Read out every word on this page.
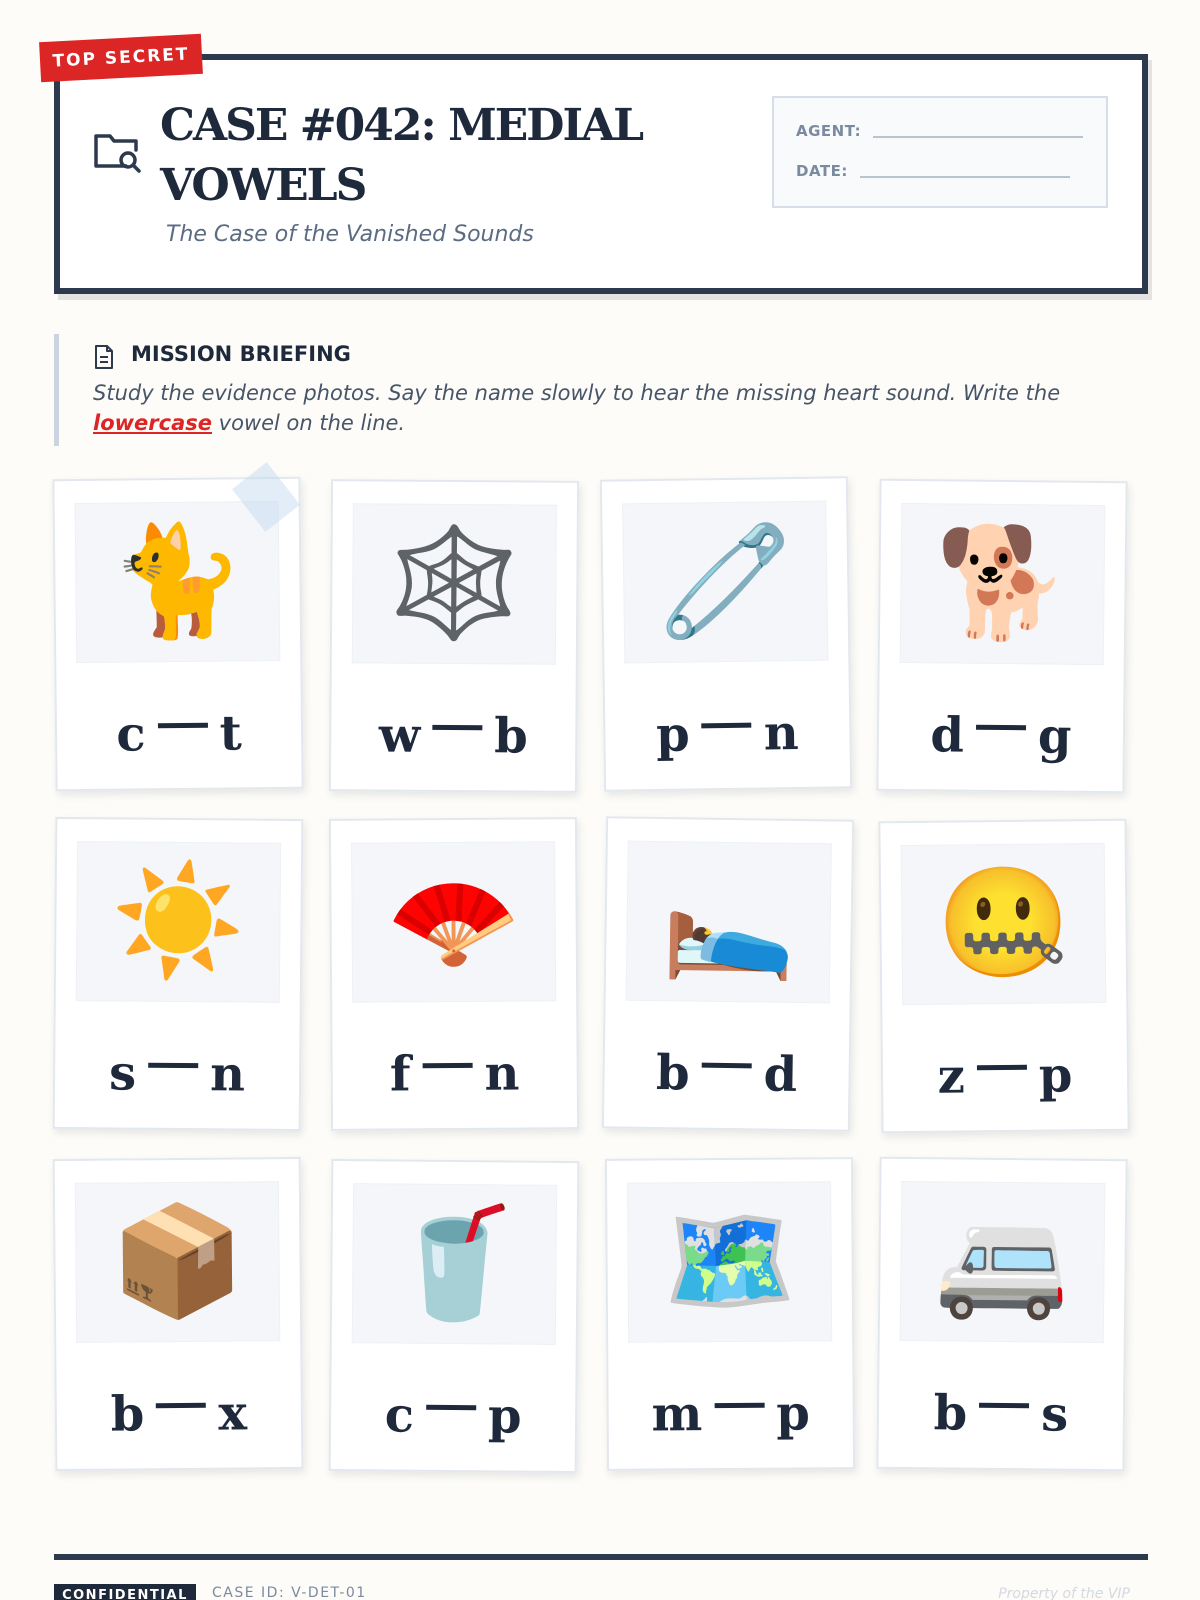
TOP SECRET
CASE #042: MEDIAL VOWELS
The Case of the Vanished Sounds
AGENT:
DATE:
MISSION BRIEFING
Study the evidence photos. Say the name slowly to hear the missing heart sound. Write the lowercase vowel on the line.
🐈
c t
🕸️
w b
🧷
p n
🐕
d g
☀️
s n
🪭
f n
🛌
b d
🤐
z p
📦
b x
🥤
c p
🗺️
m p
🚐
b s
CONFIDENTIAL	CASE ID: V-DET-01	Property of the VIP
